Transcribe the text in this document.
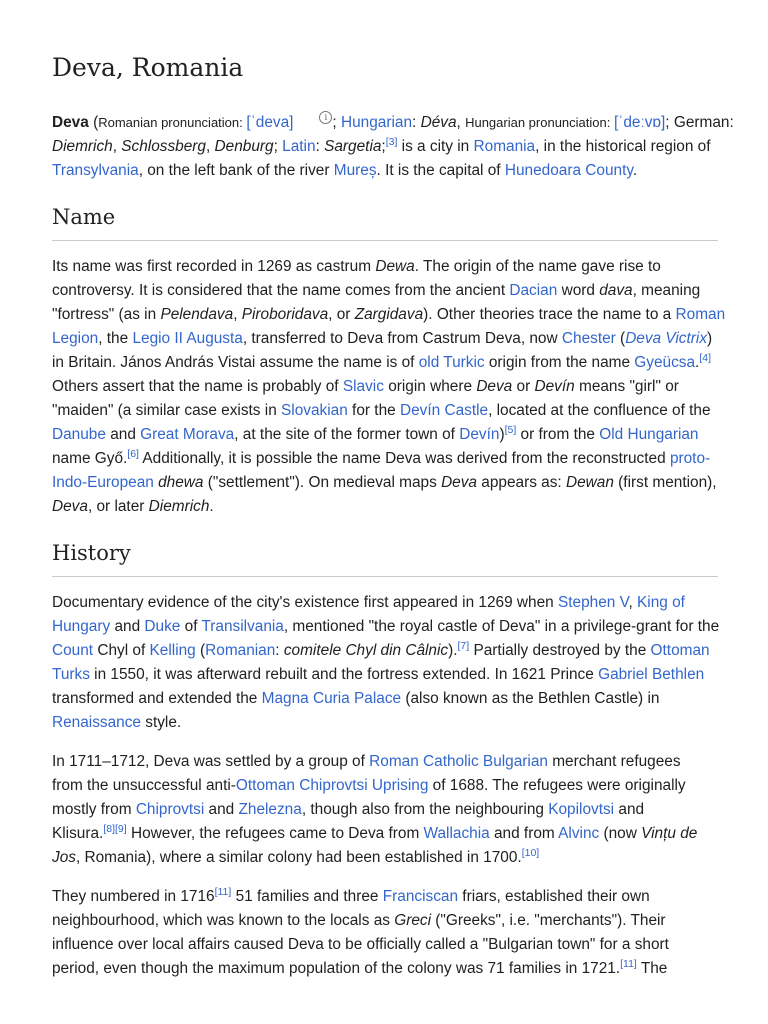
Deva, Romania

Deva (Romanian pronunciation: [ˈdeva]	i ; Hungarian: Déva, Hungarian pronunciation: [ˈdeːvɒ]; German:
Diemrich, Schlossberg, Denburg; Latin: Sargetia;[3] is a city in Romania, in the historical region of
Transylvania, on the left bank of the river Mureș. It is the capital of Hunedoara County.

Name

Its name was first recorded in 1269 as castrum Dewa. The origin of the name gave rise to
controversy. It is considered that the name comes from the ancient Dacian word dava, meaning
"fortress" (as in Pelendava, Piroboridava, or Zargidava). Other theories trace the name to a Roman
Legion, the Legio II Augusta, transferred to Deva from Castrum Deva, now Chester (Deva Victrix)
in Britain. János András Vistai assume the name is of old Turkic origin from the name Gyeücsa.[4]
Others assert that the name is probably of Slavic origin where Deva or Devín means "girl" or
"maiden" (a similar case exists in Slovakian for the Devín Castle, located at the confluence of the
Danube and Great Morava, at the site of the former town of Devín)[5] or from the Old Hungarian
name Győ.[6] Additionally, it is possible the name Deva was derived from the reconstructed proto-
Indo-European dhewa ("settlement"). On medieval maps Deva appears as: Dewan (first mention),
Deva, or later Diemrich.

History

Documentary evidence of the city's existence first appeared in 1269 when Stephen V, King of
Hungary and Duke of Transilvania, mentioned "the royal castle of Deva" in a privilege-grant for the
Count Chyl of Kelling (Romanian: comitele Chyl din Câlnic).[7] Partially destroyed by the Ottoman
Turks in 1550, it was afterward rebuilt and the fortress extended. In 1621 Prince Gabriel Bethlen
transformed and extended the Magna Curia Palace (also known as the Bethlen Castle) in
Renaissance style.

In 1711–1712, Deva was settled by a group of Roman Catholic Bulgarian merchant refugees
from the unsuccessful anti-Ottoman Chiprovtsi Uprising of 1688. The refugees were originally
mostly from Chiprovtsi and Zhelezna, though also from the neighbouring Kopilovtsi and
Klisura.[8][9] However, the refugees came to Deva from Wallachia and from Alvinc (now Vințu de
Jos, Romania), where a similar colony had been established in 1700.[10]

They numbered in 1716[11] 51 families and three Franciscan friars, established their own
neighbourhood, which was known to the locals as Greci ("Greeks", i.e. "merchants"). Their
influence over local affairs caused Deva to be officially called a "Bulgarian town" for a short
period, even though the maximum population of the colony was 71 families in 1721.[11] The
